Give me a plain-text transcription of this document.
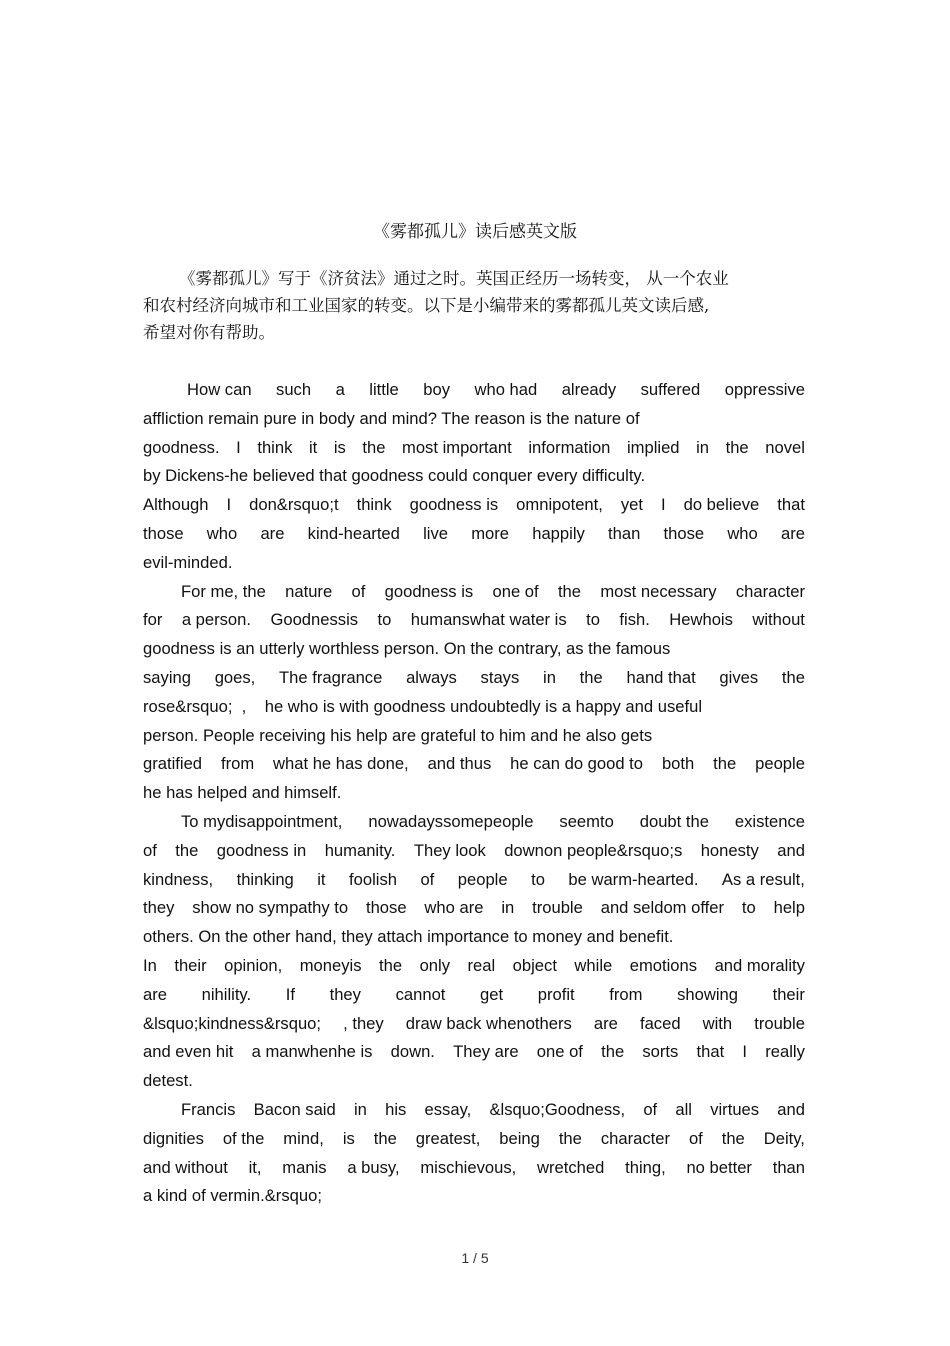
《雾都孤儿》读后感英文版
《雾都孤儿》写于《济贫法》通过之时。英国正经历一场转变， 从一个农业
和农村经济向城市和工业国家的转变。以下是小编带来的雾都孤儿英文读后感,
希望对你有帮助。
How can such a little boy who had already suffered oppressive
affliction remain pure in body and mind? The reason is the nature of
goodness. I think it is the most important information implied in the novel
by Dickens-he believed that goodness could conquer every difficulty.
Although I don&rsquo;t think goodness is omnipotent, yet I do believe that
those who are kind-hearted live more happily than those who are
evil-minded.
For me, the nature of goodness is one of the most necessary character
for a person. Goodnessis to humanswhat water is to fish. Hewhois without
goodness is an utterly worthless person. On the contrary, as the famous
saying goes, The fragrance always stays in the hand that gives the
rose&rsquo;  ,    he who is with goodness undoubtedly is a happy and useful
person. People receiving his help are grateful to him and he also gets
gratified from what he has done, and thus he can do good to both the people
he has helped and himself.
To mydisappointment, nowadayssomepeople seemto doubt the existence
of the goodness in humanity. They look downon people&rsquo;s honesty and
kindness, thinking it foolish of people to be warm-hearted. As a result,
they show no sympathy to those who are in trouble and seldom offer to help
others. On the other hand, they attach importance to money and benefit.
In their opinion, moneyis the only real object while emotions and morality
are nihility. If they cannot get profit from showing their
&lsquo;kindness&rsquo; , they draw back whenothers are faced with trouble
and even hit a manwhenhe is down. They are one of the sorts that I really
detest.
Francis Bacon said in his essay, &lsquo;Goodness, of all virtues and
dignities of the mind, is the greatest, being the character of the Deity,
and without it, manis a busy, mischievous, wretched thing, no better than
a kind of vermin.&rsquo;
1 / 5
